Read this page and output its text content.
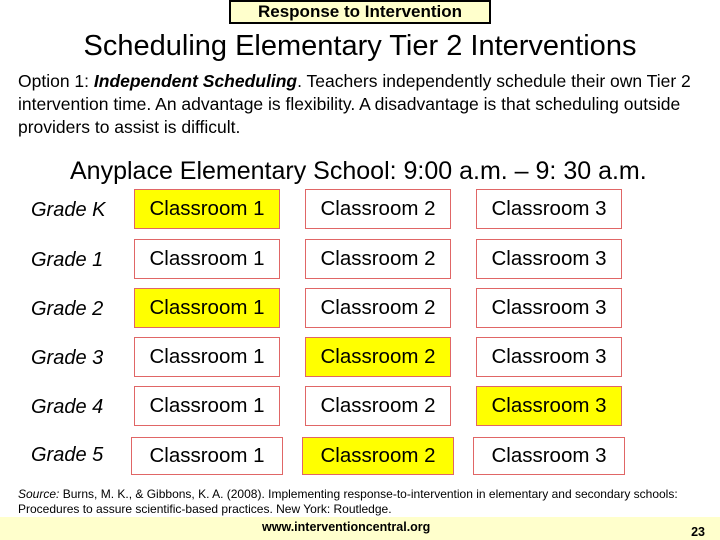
Response to Intervention
Scheduling Elementary Tier 2 Interventions
Option 1: Independent Scheduling. Teachers independently schedule their own Tier 2 intervention time. An advantage is flexibility. A disadvantage is that scheduling outside providers to assist is difficult.
Anyplace Elementary School: 9:00 a.m. – 9: 30 a.m.
Grade K	Classroom 1	Classroom 2	Classroom 3
Grade 1	Classroom 1	Classroom 2	Classroom 3
Grade 2	Classroom 1	Classroom 2	Classroom 3
Grade 3	Classroom 1	Classroom 2	Classroom 3
Grade 4	Classroom 1	Classroom 2	Classroom 3
Grade 5	Classroom 1	Classroom 2	Classroom 3
Source: Burns, M. K., & Gibbons, K. A. (2008). Implementing response-to-intervention in elementary and secondary schools: Procedures to assure scientific-based practices. New York: Routledge.
www.interventioncentral.org	23
